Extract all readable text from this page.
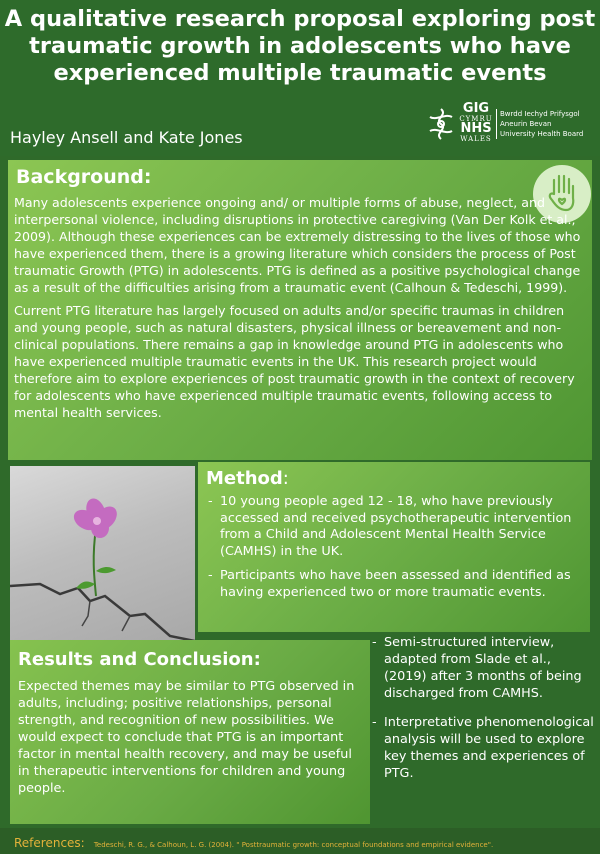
A qualitative research proposal exploring post traumatic growth in adolescents who have experienced multiple traumatic events
Hayley Ansell and Kate Jones
GIG
CYMRU
NHS
WALES
Bwrdd Iechyd Prifysgol
Aneurin Bevan
University Health Board
Background:

Many adolescents experience ongoing and/ or multiple forms of abuse, neglect, and interpersonal violence, including disruptions in protective caregiving (Van Der Kolk et al., 2009). Although these experiences can be extremely distressing to the lives of those who have experienced them, there is a growing literature which considers the process of Post traumatic Growth (PTG) in adolescents. PTG is defined as a positive psychological change as a result of the difficulties arising from a traumatic event (Calhoun & Tedeschi, 1999).

Current PTG literature has largely focused on adults and/or specific traumas in children and young people, such as natural disasters, physical illness or bereavement and non-clinical populations. There remains a gap in knowledge around PTG in adolescents who have experienced multiple traumatic events in the UK. This research project would therefore aim to explore experiences of post traumatic growth in the context of recovery for adolescents who have experienced multiple traumatic events, following access to mental health services.

Method:
- 10 young people aged 12 - 18, who have previously accessed and received psychotherapeutic intervention from a Child and Adolescent Mental Health Service (CAMHS) in the UK.
- Participants who have been assessed and identified as having experienced two or more traumatic events.
Results and Conclusion:
Expected themes may be similar to PTG observed in adults, including; positive relationships, personal strength, and recognition of new possibilities. We would expect to conclude that PTG is an important factor in mental health recovery, and may be useful in therapeutic interventions for children and young people.
- Semi-structured interview, adapted from Slade et al., (2019) after 3 months of being discharged from CAMHS.
- Interpretative phenomenological analysis will be used to explore key themes and experiences of PTG.
References: Tedeschi, R. G., & Calhoun, L. G. (2004). " Posttraumatic growth: conceptual foundations and empirical evidence".
